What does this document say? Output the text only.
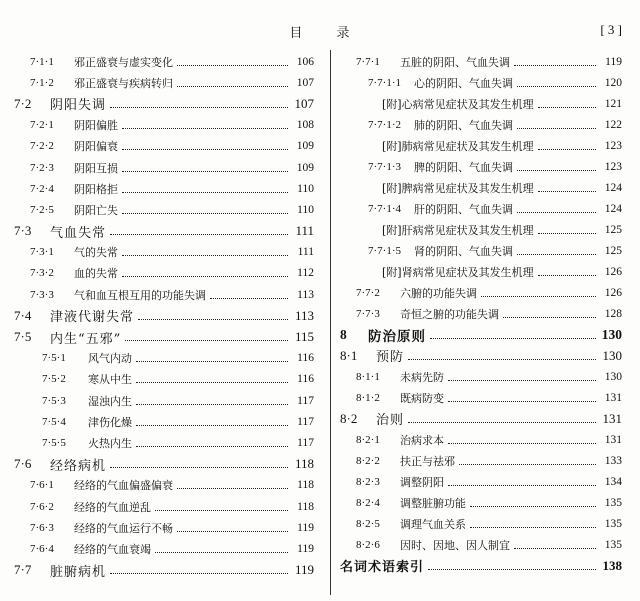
目 录	[ 3 ]
7·1·1	邪正盛衰与虚实变化	106
7·1·2	邪正盛衰与疾病转归	107
7·2	阴阳失调	107
7·2·1	阴阳偏胜	108
7·2·2	阴阳偏衰	109
7·2·3	阴阳互损	109
7·2·4	阴阳格拒	110
7·2·5	阴阳亡失	110
7·3	气血失常	111
7·3·1	气的失常	111
7·3·2	血的失常	112
7·3·3	气和血互根互用的功能失调	113
7·4	津液代谢失常	113
7·5	内生“五邪”	115
7·5·1	风气内动	116
7·5·2	寒从中生	116
7·5·3	湿浊内生	117
7·5·4	津伤化燥	117
7·5·5	火热内生	117
7·6	经络病机	118
7·6·1	经络的气血偏盛偏衰	118
7·6·2	经络的气血逆乱	118
7·6·3	经络的气血运行不畅	119
7·6·4	经络的气血衰竭	119
7·7	脏腑病机	119
7·7·1	五脏的阴阳、气血失调	119
7·7·1·1	心的阴阳、气血失调	120
[附]心病常见症状及其发生机理	121
7·7·1·2	肺的阴阳、气血失调	122
[附]肺病常见症状及其发生机理	123
7·7·1·3	脾的阴阳、气血失调	123
[附]脾病常见症状及其发生机理	124
7·7·1·4	肝的阴阳、气血失调	124
[附]肝病常见症状及其发生机理	125
7·7·1·5	肾的阴阳、气血失调	125
[附]肾病常见症状及其发生机理	126
7·7·2	六腑的功能失调	126
7·7·3	奇恒之腑的功能失调	128
8	防治原则	130
8·1	预防	130
8·1·1	未病先防	130
8·1·2	既病防变	131
8·2	治则	131
8·2·1	治病求本	131
8·2·2	扶正与祛邪	133
8·2·3	调整阴阳	134
8·2·4	调整脏腑功能	135
8·2·5	调理气血关系	135
8·2·6	因时、因地、因人制宜	135
名词术语索引	138
